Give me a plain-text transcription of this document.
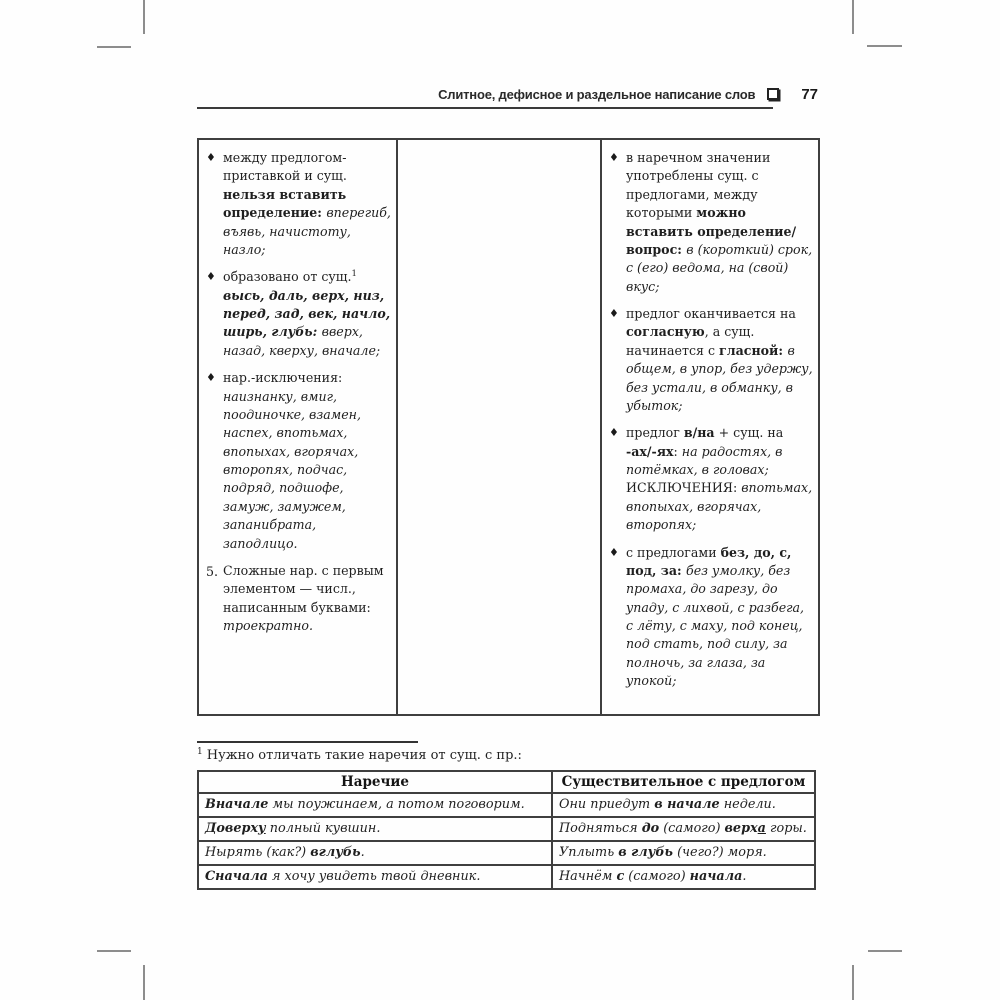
Слитное, дефисное и раздельное написание слов	77
♦ между предлогом-приставкой и сущ. нельзя вставить определение: вперегиб, въявь, начистоту, назло;
♦ образовано от сущ.$^1$ высь, даль, верх, низ, перед, зад, век, начло, ширь, глубь: вверх, назад, кверху, вначале;
♦ нар.-исключения: наизнанку, вмиг, поодиночке, взамен, наспех, впотьмах, впопыхах, вгорячах, второпях, подчас, подряд, подшофе, замуж, замужем, запанибрата, заподлицо.
5. Сложные нар. с первым элементом — числ., написанным буквами: троекратно.
♦ в наречном значении употреблены сущ. с предлогами, между которыми можно вставить определение/вопрос: в (короткий) срок, с (его) ведома, на (свой) вкус;
♦ предлог оканчивается на согласную, а сущ. начинается с гласной: в общем, в упор, без удержу, без устали, в обманку, в убыток;
♦ предлог в/на + сущ. на -ах/-ях: на радостях, в потёмках, в головах;
ИСКЛЮЧЕНИЯ: впотьмах, впопыхах, вгорячах, второпях;
♦ с предлогами без, до, с, под, за: без умолку, без промаха, до зарезу, до упаду, с лихвой, с разбега, с лёту, с маху, под конец, под стать, под силу, за полночь, за глаза, за упокой;
$^1$ Нужно отличать такие наречия от сущ. с пр.:
Наречие	Существительное с предлогом
Вначале мы поужинаем, а потом поговорим.	Они приедут в начале недели.
Доверху полный кувшин.	Подняться до (самого) верха горы.
Нырять (как?) вглубь.	Уплыть в глубь (чего?) моря.
Сначала я хочу увидеть твой дневник.	Начнём с (самого) начала.
